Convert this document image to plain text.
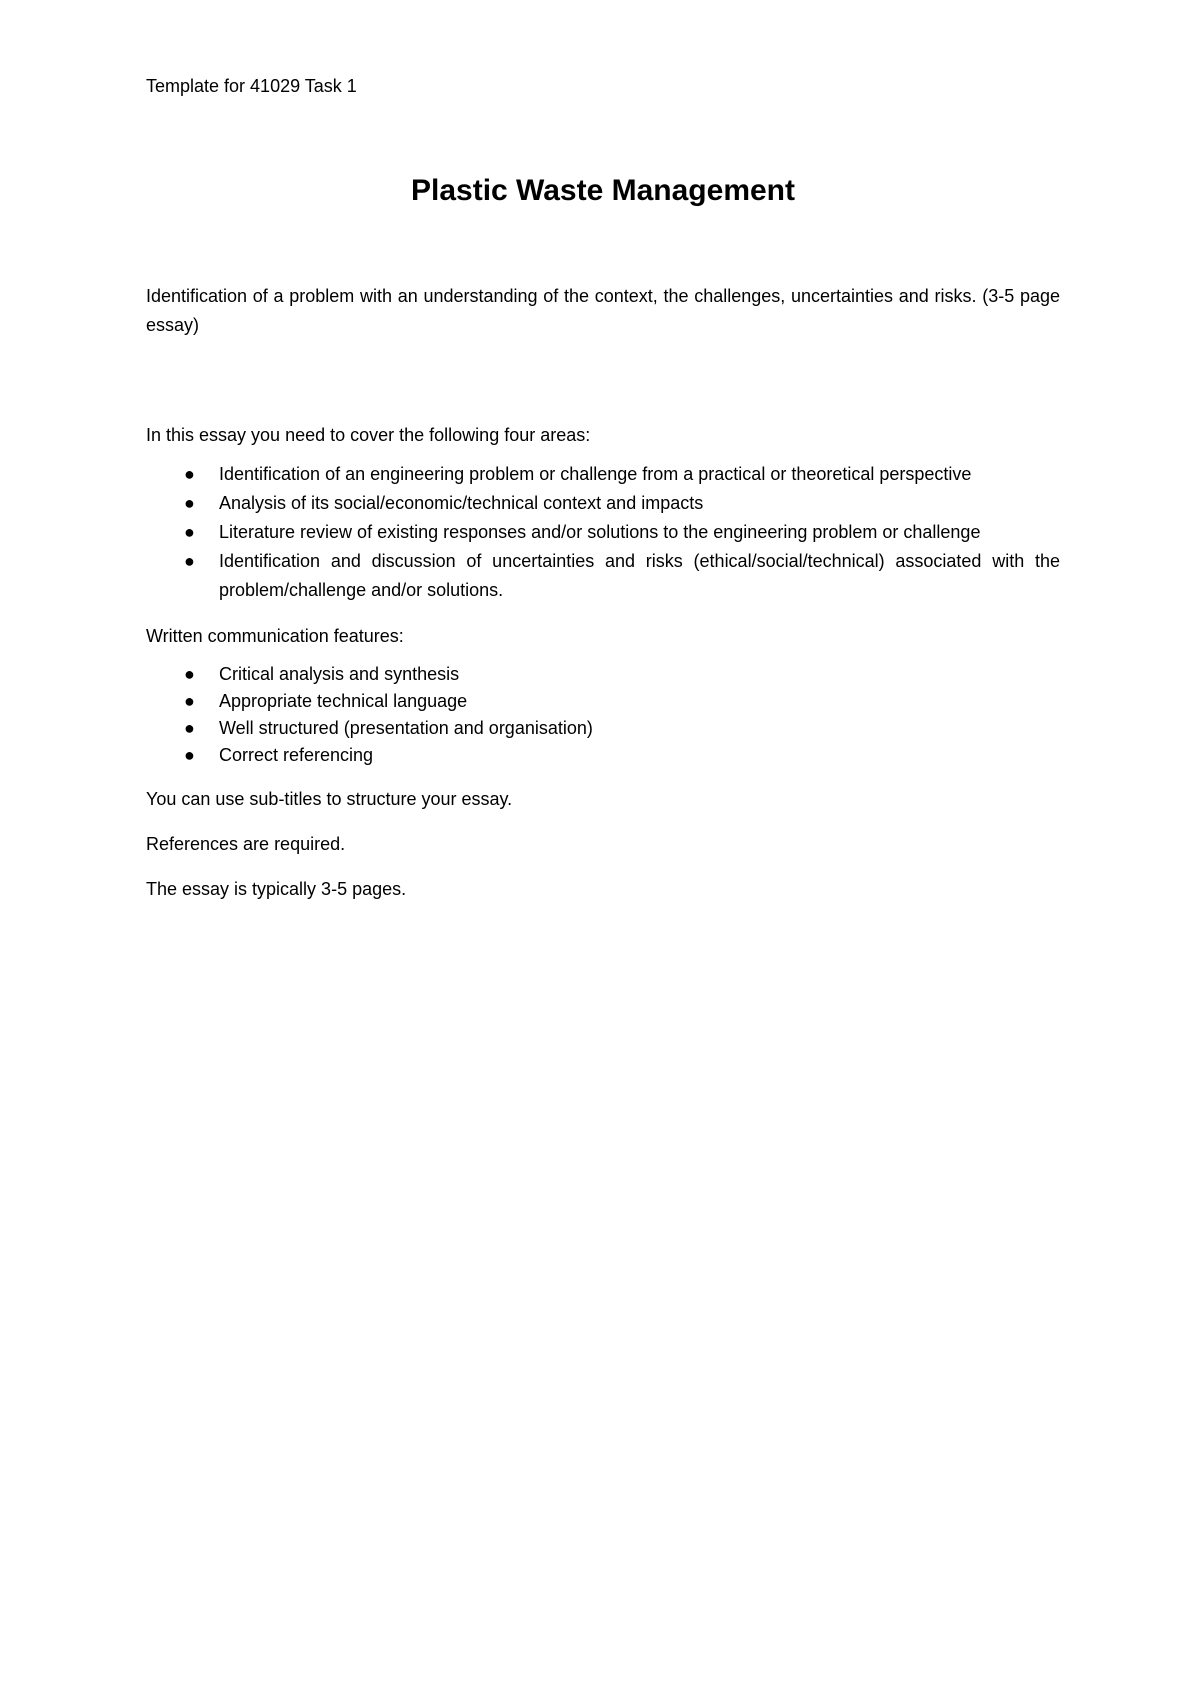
Template for 41029 Task 1

Plastic Waste Management

Identification of a problem with an understanding of the context, the challenges, uncertainties and risks. (3-5 page essay)

In this essay you need to cover the following four areas:

● Identification of an engineering problem or challenge from a practical or theoretical perspective
● Analysis of its social/economic/technical context and impacts
● Literature review of existing responses and/or solutions to the engineering problem or challenge
● Identification and discussion of uncertainties and risks (ethical/social/technical) associated with the problem/challenge and/or solutions.

Written communication features:

● Critical analysis and synthesis
● Appropriate technical language
● Well structured (presentation and organisation)
● Correct referencing

You can use sub-titles to structure your essay.

References are required.

The essay is typically 3-5 pages.
